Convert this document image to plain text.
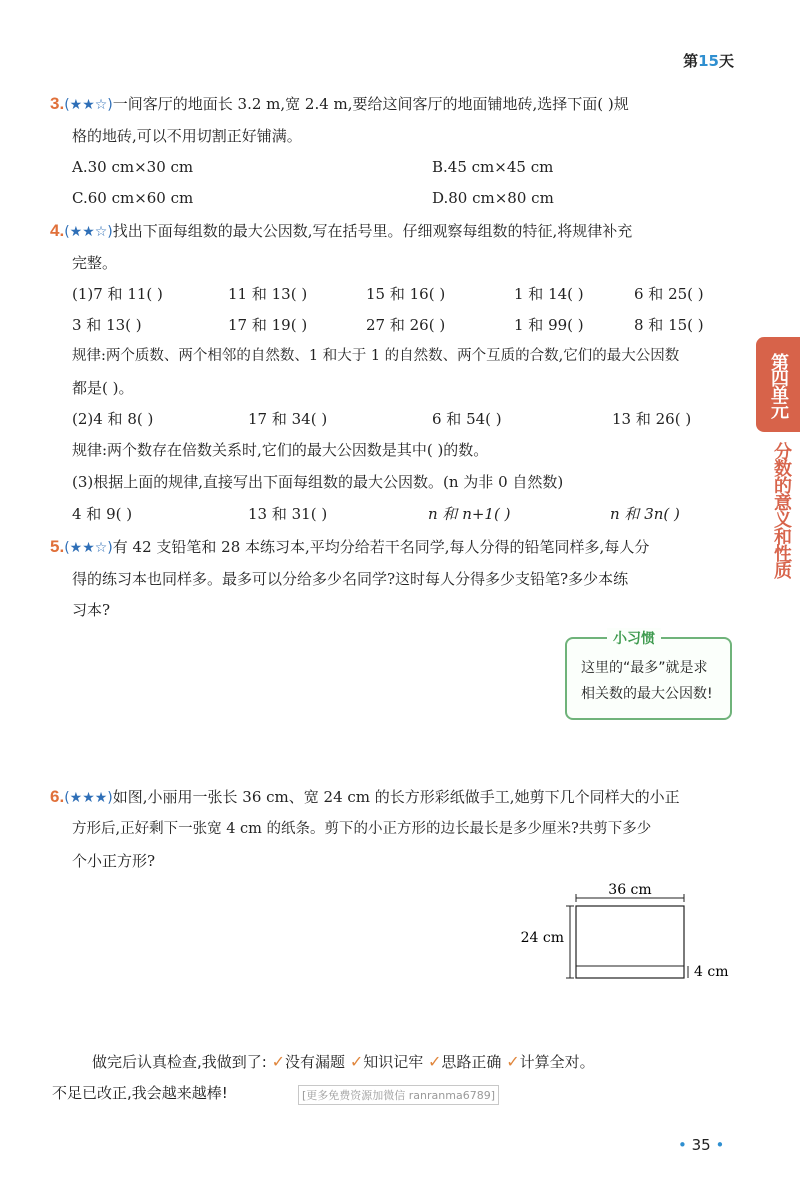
第15天
第四单元
分数的意义和性质
3.(★★☆)一间客厅的地面长 3.2 m,宽 2.4 m,要给这间客厅的地面铺地砖,选择下面( )规
格的地砖,可以不用切割正好铺满。
A.30 cm×30 cm	B.45 cm×45 cm
C.60 cm×60 cm	D.80 cm×80 cm
4.(★★☆)找出下面每组数的最大公因数,写在括号里。仔细观察每组数的特征,将规律补充
完整。
(1)7 和 11( )	11 和 13( )	15 和 16( )	1 和 14( )	6 和 25( )
3 和 13( )	17 和 19( )	27 和 26( )	1 和 99( )	8 和 15( )
规律:两个质数、两个相邻的自然数、1 和大于 1 的自然数、两个互质的合数,它们的最大公因数
都是( )。
(2)4 和 8( )	17 和 34( )	6 和 54( )	13 和 26( )
规律:两个数存在倍数关系时,它们的最大公因数是其中( )的数。
(3)根据上面的规律,直接写出下面每组数的最大公因数。(n 为非 0 自然数)
4 和 9( )	13 和 31( )	n 和 n+1( )	n 和 3n( )
5.(★★☆)有 42 支铅笔和 28 本练习本,平均分给若干名同学,每人分得的铅笔同样多,每人分
得的练习本也同样多。最多可以分给多少名同学?这时每人分得多少支铅笔?多少本练
习本?
小习惯
这里的“最多”就是求
相关数的最大公因数!
6.(★★★)如图,小丽用一张长 36 cm、宽 24 cm 的长方形彩纸做手工,她剪下几个同样大的小正
方形后,正好剩下一张宽 4 cm 的纸条。剪下的小正方形的边长最长是多少厘米?共剪下多少
个小正方形?
36 cm
24 cm
4 cm
做完后认真检查,我做到了: ✓没有漏题 ✓知识记牢 ✓思路正确 ✓计算全对。
不足已改正,我会越来越棒!	[更多免费资源加微信 ranranma6789]
• 35 •
